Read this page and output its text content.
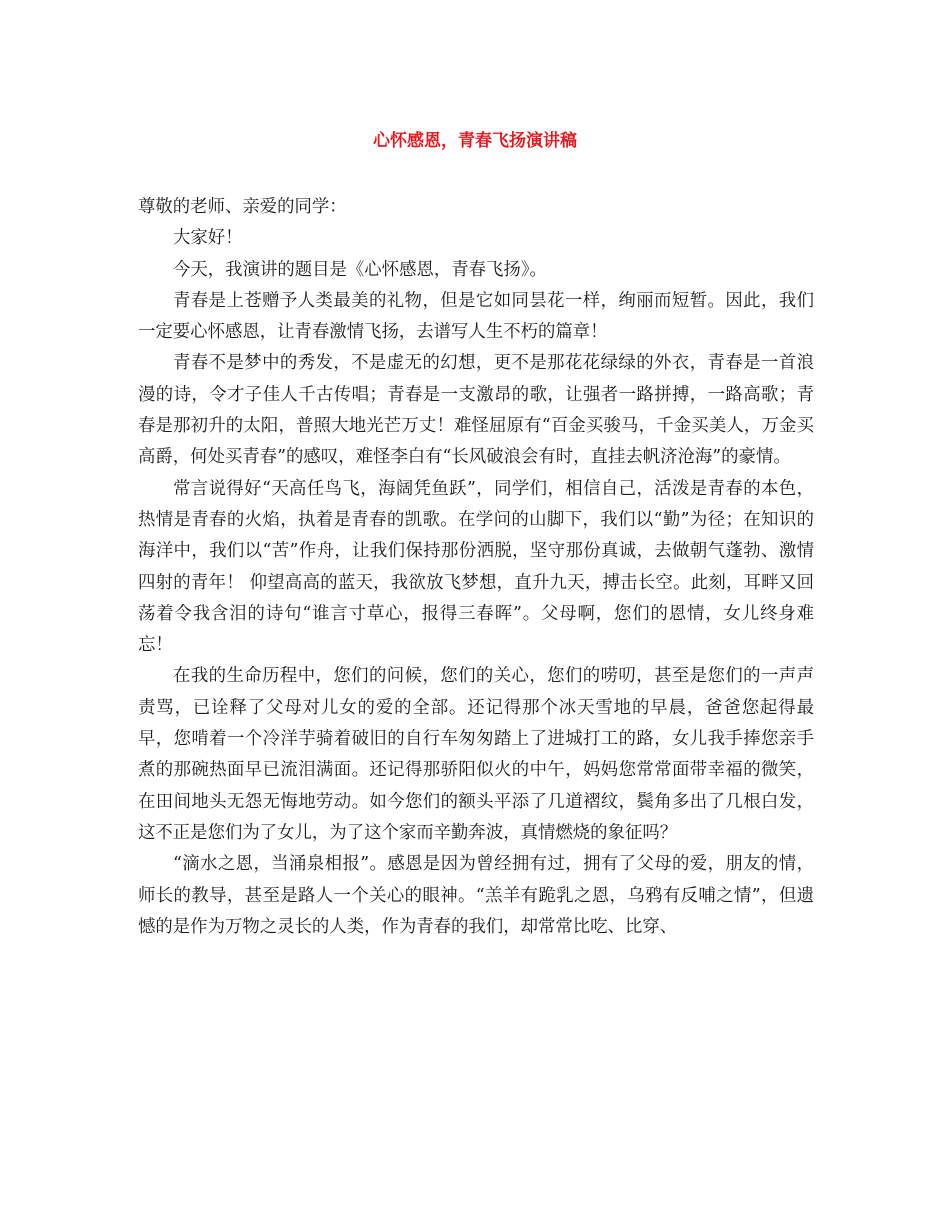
心怀感恩，青春飞扬演讲稿

尊敬的老师、亲爱的同学：

大家好！

今天，我演讲的题目是《心怀感恩，青春飞扬》。

青春是上苍赠予人类最美的礼物，但是它如同昙花一样，绚丽而短暂。因此，我们一定要心怀感恩，让青春激情飞扬，去谱写人生不朽的篇章！

青春不是梦中的秀发，不是虚无的幻想，更不是那花花绿绿的外衣，青春是一首浪漫的诗，令才子佳人千古传唱；青春是一支激昂的歌，让强者一路拼搏，一路高歌；青春是那初升的太阳，普照大地光芒万丈！难怪屈原有“百金买骏马，千金买美人，万金买高爵，何处买青春”的感叹，难怪李白有“长风破浪会有时，直挂去帆济沧海”的豪情。

常言说得好“天高任鸟飞，海阔凭鱼跃”，同学们，相信自己，活泼是青春的本色，热情是青春的火焰，执着是青春的凯歌。在学问的山脚下，我们以“勤”为径；在知识的海洋中，我们以“苦”作舟，让我们保持那份洒脱，坚守那份真诚，去做朝气蓬勃、激情四射的青年！ 仰望高高的蓝天，我欲放飞梦想，直升九天，搏击长空。此刻，耳畔又回荡着令我含泪的诗句“谁言寸草心，报得三春晖”。父母啊，您们的恩情，女儿终身难忘！

在我的生命历程中，您们的问候，您们的关心，您们的唠叨，甚至是您们的一声声责骂，已诠释了父母对儿女的爱的全部。还记得那个冰天雪地的早晨，爸爸您起得最早，您啃着一个冷洋芋骑着破旧的自行车匆匆踏上了进城打工的路，女儿我手捧您亲手煮的那碗热面早已流泪满面。还记得那骄阳似火的中午，妈妈您常常面带幸福的微笑，在田间地头无怨无悔地劳动。如今您们的额头平添了几道褶纹，鬓角多出了几根白发，这不正是您们为了女儿，为了这个家而辛勤奔波，真情燃烧的象征吗？

“滴水之恩，当涌泉相报”。感恩是因为曾经拥有过，拥有了父母的爱，朋友的情，师长的教导，甚至是路人一个关心的眼神。“羔羊有跪乳之恩，乌鸦有反哺之情”，但遗憾的是作为万物之灵长的人类，作为青春的我们，却常常比吃、比穿、
